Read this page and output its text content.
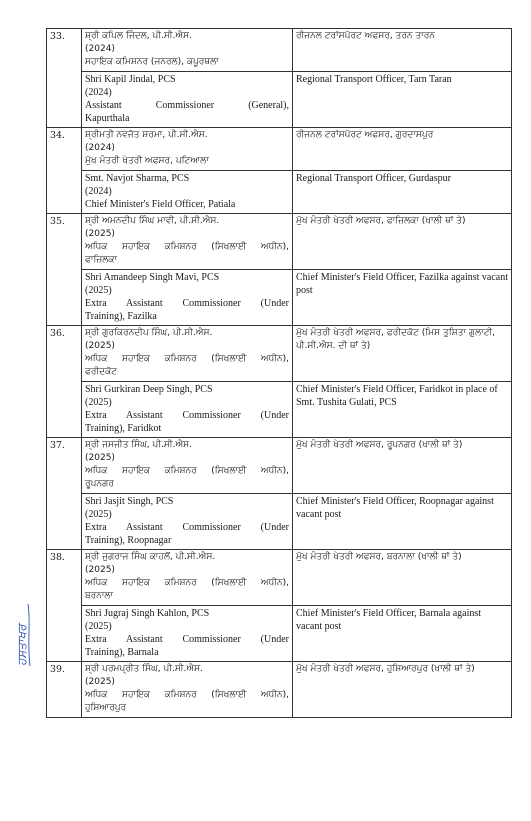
33.	ਸ਼੍ਰੀ ਕਪਿਲ ਜਿੰਦਲ, ਪੀ.ਸੀ.ਐਸ.
(2024)
ਸਹਾਇਕ ਕਮਿਸ਼ਨਰ (ਜਨਰਲ), ਕਪੂਰਥਲਾ	ਰੀਜਨਲ ਟਰਾਂਸਪੋਰਟ ਅਫਸਰ, ਤਰਨ ਤਾਰਨ

	Shri Kapil Jindal, PCS
(2024)
Assistant Commissioner (General),
Kapurthala	Regional Transport Officer, Tarn Taran
34.	ਸ਼੍ਰੀਮਤੀ ਨਵਜੋਤ ਸ਼ਰਮਾ, ਪੀ.ਸੀ.ਐਸ.
(2024)
ਮੁੱਖ ਮੰਤਰੀ ਖੇਤਰੀ ਅਫਸਰ, ਪਟਿਆਲਾ	ਰੀਜਨਲ ਟਰਾਂਸਪੋਰਟ ਅਫਸਰ, ਗੁਰਦਾਸਪੁਰ

	Smt. Navjot Sharma, PCS
(2024)
Chief Minister's Field Officer, Patiala	Regional Transport Officer, Gurdaspur
35.	ਸ਼੍ਰੀ ਅਮਨਦੀਪ ਸਿੰਘ ਮਾਵੀ, ਪੀ.ਸੀ.ਐਸ.
(2025)
ਅਧਿਕ ਸਹਾਇਕ ਕਮਿਸ਼ਨਰ (ਸਿਖਲਾਈ ਅਧੀਨ),
ਫਾਜ਼ਿਲਕਾ	ਮੁੱਖ ਮੰਤਰੀ ਖੇਤਰੀ ਅਫਸਰ, ਫਾਜ਼ਿਲਕਾ (ਖਾਲੀ ਥਾਂ ਤੇ)

	Shri Amandeep Singh Mavi, PCS
(2025)
Extra Assistant Commissioner (Under
Training), Fazilka	Chief Minister's Field Officer, Fazilka against vacant post
36.	ਸ਼੍ਰੀ ਗੁਰਕਿਰਨਦੀਪ ਸਿੰਘ, ਪੀ.ਸੀ.ਐਸ.
(2025)
ਅਧਿਕ ਸਹਾਇਕ ਕਮਿਸ਼ਨਰ (ਸਿਖਲਾਈ ਅਧੀਨ),
ਫਰੀਦਕੋਟ	ਮੁੱਖ ਮੰਤਰੀ ਖੇਤਰੀ ਅਫਸਰ, ਫਰੀਦਕੋਟ (ਮਿਸ ਤੁਸ਼ਿਤਾ ਗੁਲਾਟੀ, ਪੀ.ਸੀ.ਐਸ. ਦੀ ਥਾਂ ਤੇ)

	Shri Gurkiran Deep Singh, PCS
(2025)
Extra Assistant Commissioner (Under
Training), Faridkot	Chief Minister's Field Officer, Faridkot in place of Smt. Tushita Gulati, PCS
37.	ਸ਼੍ਰੀ ਜਸਜੀਤ ਸਿੰਘ, ਪੀ.ਸੀ.ਐਸ.
(2025)
ਅਧਿਕ ਸਹਾਇਕ ਕਮਿਸ਼ਨਰ (ਸਿਖਲਾਈ ਅਧੀਨ),
ਰੂਪਨਗਰ	ਮੁੱਖ ਮੰਤਰੀ ਖੇਤਰੀ ਅਫਸਰ, ਰੂਪਨਗਰ (ਖਾਲੀ ਥਾਂ ਤੇ)

	Shri Jasjit Singh, PCS
(2025)
Extra Assistant Commissioner (Under
Training), Roopnagar	Chief Minister's Field Officer, Roopnagar against vacant post
38.	ਸ਼੍ਰੀ ਜੁਗਰਾਜ ਸਿੰਘ ਕਾਹਲੋਂ, ਪੀ.ਸੀ.ਐਸ.
(2025)
ਅਧਿਕ ਸਹਾਇਕ ਕਮਿਸ਼ਨਰ (ਸਿਖਲਾਈ ਅਧੀਨ),
ਬਰਨਾਲਾ	ਮੁੱਖ ਮੰਤਰੀ ਖੇਤਰੀ ਅਫਸਰ, ਬਰਨਾਲਾ (ਖਾਲੀ ਥਾਂ ਤੇ)

	Shri Jugraj Singh Kahlon, PCS
(2025)
Extra Assistant Commissioner (Under
Training), Barnala	Chief Minister's Field Officer, Barnala against vacant post
39.	ਸ਼੍ਰੀ ਪਰਮਪ੍ਰੀਤ ਸਿੰਘ, ਪੀ.ਸੀ.ਐਸ.
(2025)
ਅਧਿਕ ਸਹਾਇਕ ਕਮਿਸ਼ਨਰ (ਸਿਖਲਾਈ ਅਧੀਨ),
ਹੁਸ਼ਿਆਰਪੁਰ	ਮੁੱਖ ਮੰਤਰੀ ਖੇਤਰੀ ਅਫਸਰ, ਹੁਸ਼ਿਆਰਪੁਰ (ਖਾਲੀ ਥਾਂ ਤੇ)
ਹਸਤਾਖਰ
